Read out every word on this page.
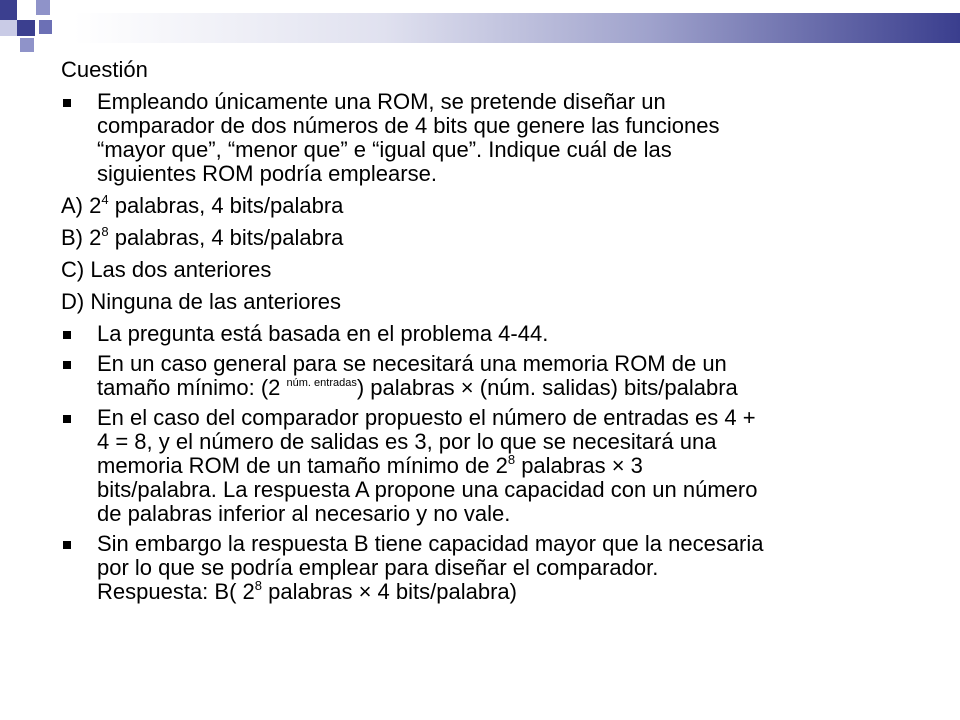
Cuestión
Empleando únicamente una ROM, se pretende diseñar un
comparador de dos números de 4 bits que genere las funciones
“mayor que”, “menor que” e “igual que”. Indique cuál de las
siguientes ROM podría emplearse.
A) $2^4$ palabras, 4 bits/palabra
B) $2^8$ palabras, 4 bits/palabra
C) Las dos anteriores
D) Ninguna de las anteriores
La pregunta está basada en el problema 4-44.
En un caso general para se necesitará una memoria ROM de un
tamaño mínimo: (2 $^{núm. entradas}$) palabras × (núm. salidas) bits/palabra
En el caso del comparador propuesto el número de entradas es 4 +
4 = 8, y el número de salidas es 3, por lo que se necesitará una
memoria ROM de un tamaño mínimo de $2^8$ palabras × 3
bits/palabra. La respuesta A propone una capacidad con un número
de palabras inferior al necesario y no vale.
Sin embargo la respuesta B tiene capacidad mayor que la necesaria
por lo que se podría emplear para diseñar el comparador.
Respuesta: B( $2^8$ palabras × 4 bits/palabra)
